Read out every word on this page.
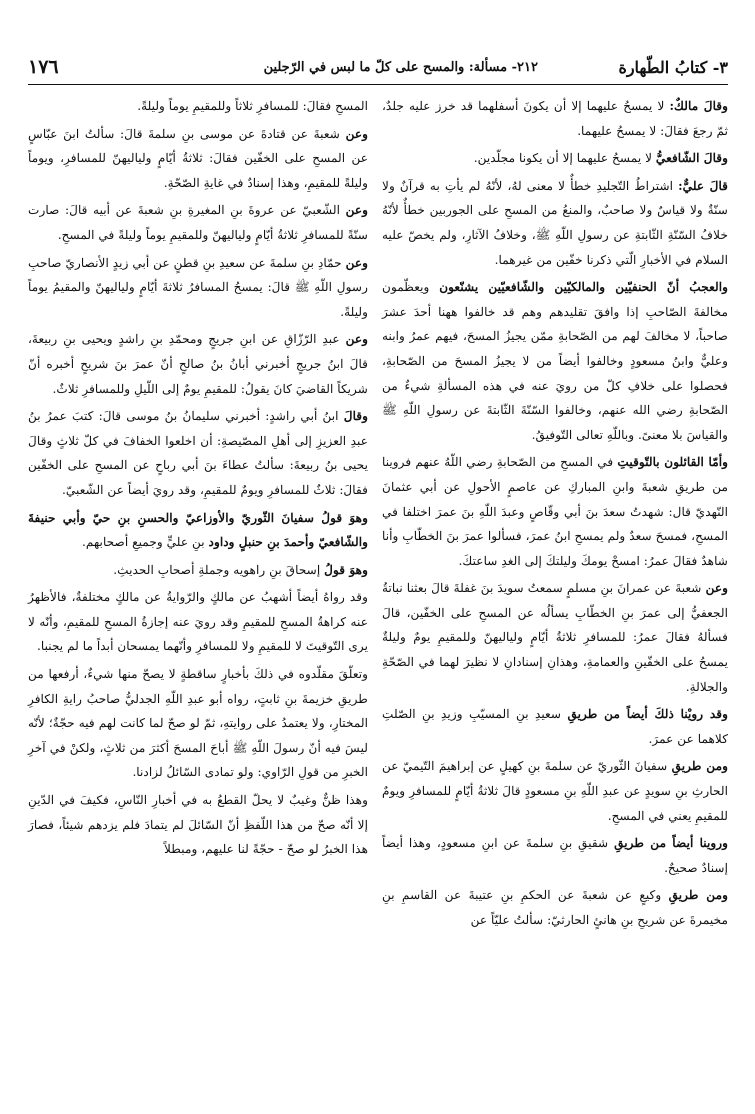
٣- كتابُ الطّهارة
٢١٢- مسألة: والمسح على كلّ ما لبس في الرّجلين
١٧٦

وقالَ مالكٌ: لا يمسحُ عليهما إلا أن يكونَ أسفلهما قد خرز عليه جلدٌ، ثمّ رجعَ فقالَ: لا يمسحُ عليهما.

وقالَ الشّافعيُّ لا يمسحُ عليهما إلا أن يكونا مجلّدين.

قالَ عليٌّ: اشتراطُ التّجليدِ خطأٌ لا معنى لهُ، لأنّهُ لم يأتِ به قرآنٌ ولا سنّةٌ ولا قياسٌ ولا صاحبٌ، والمنعُ من المسحِ على الجوربين خطأٌ لأنّهُ خلافُ السّنّةِ الثّابتةِ عن رسولِ اللّهِ ﷺ، وخلافُ الآثارِ، ولم يخصّ عليه السلام في الأخبارِ الّتي ذكرنا خفّين من غيرهما.

والعجبُ أنّ الحنفيّين والمالكيّين والشّافعيّين يشنّعون ويعظّمون مخالفةَ الصّاحبِ إذا وافقَ تقليدهم وهم قد خالفوا ههنا أحدَ عشرَ صاحباً، لا مخالفَ لهم من الصّحابةِ ممّن يجيزُ المسحَ، فيهم عمرُ وابنه وعليٌّ وابنُ مسعودٍ وخالفوا أيضاً من لا يجيزُ المسحَ من الصّحابةِ، فحصلوا على خلافِ كلّ من رويَ عنه في هذه المسألةِ شيءٌ من الصّحابةِ رضي الله عنهم، وخالفوا السّنّةَ الثّابتةَ عن رسولِ اللّهِ ﷺ والقياسَ بلا معنىً. وباللّهِ تعالى التّوفيقُ.

وأمّا القائلون بالتّوقيتِ في المسحِ من الصّحابةِ رضي اللّهُ عنهم فروينا من طريقِ شعبةَ وابنِ المباركِ عن عاصمٍ الأحولِ عن أبي عثمانَ النّهديّ قال: شهدتُ سعدَ بنَ أبي وقّاصٍ وعبدَ اللّهِ بنَ عمرَ اختلفا في المسحِ، فمسحَ سعدٌ ولم يمسحِ ابنُ عمرَ، فسألوا عمرَ بنَ الخطّابِ وأنا شاهدٌ فقالَ عمرُ: امسحْ يومكَ وليلتكَ إلى الغدِ ساعتكَ.

وعن شعبةَ عن عمرانَ بنِ مسلمٍ سمعتُ سويدَ بنَ غفلةَ قالَ بعثنا نباتةُ الجعفيُّ إلى عمرَ بنِ الخطّابِ يسألُه عن المسحِ على الخفّين، قالَ فسألهُ فقالَ عمرُ: للمسافرِ ثلاثةُ أيّامٍ ولياليهنّ وللمقيمِ يومٌ وليلةٌ يمسحُ على الخفّينِ والعمامةِ، وهذانِ إسنادانِ لا نظيرَ لهما في الصّحّةِ والجلالةِ.

وقد رويْنا ذلكَ أيضاً من طريقِ سعيدِ بنِ المسيّبِ وزيدِ بنِ الصّلتِ كلاهما عن عمرَ.

ومن طريقِ سفيانَ الثّوريّ عن سلمةَ بنِ كهيلٍ عن إبراهيمَ التّيميّ عن الحارثِ بنِ سويدٍ عن عبدِ اللّهِ بنِ مسعودٍ قالَ ثلاثةُ أيّامٍ للمسافرِ ويومٌ للمقيمِ يعني في المسحِ.

وروينا أيضاً من طريقِ شقيقِ بنِ سلمةَ عن ابنِ مسعودٍ، وهذا أيضاً إسنادٌ صحيحٌ.

ومن طريقِ وكيعٍ عن شعبةَ عن الحكمِ بنِ عتيبةَ عن القاسمِ بنِ مخيمرةَ عن شريحِ بنِ هانئٍ الحارثيّ: سألتُ عليّاً عن

المسحِ فقالَ: للمسافرِ ثلاثاً وللمقيمِ يوماً وليلةً.

وعن شعبةَ عن قتادةَ عن موسى بنِ سلمةَ قالَ: سألتُ ابنَ عبّاسٍ عن المسحِ على الخفّين فقالَ: ثلاثةُ أيّامٍ ولياليهنّ للمسافرِ، ويوماً وليلةً للمقيمِ، وهذا إسنادٌ في غايةِ الصّحّةِ.

وعن الشّعبيّ عن عروةَ بنِ المغيرةِ بنِ شعبةَ عن أبيه قالَ: صارت سنّةً للمسافرِ ثلاثةُ أيّامٍ ولياليهنّ وللمقيمِ يوماً وليلةً في المسحِ.

وعن حمّادِ بنِ سلمةَ عن سعيدِ بنِ قطنٍ عن أبي زيدٍ الأنصاريّ صاحبِ رسولِ اللّهِ ﷺ قالَ: يمسحُ المسافرُ ثلاثةَ أيّامٍ ولياليهنّ والمقيمُ يوماً وليلةً.

وعن عبدِ الرّزّاقِ عن ابنِ جريجٍ ومحمّدِ بنِ راشدٍ ويحيى بنِ ربيعةَ، قالَ ابنُ جريجٍ أخبرني أبانُ بنُ صالحٍ أنّ عمرَ بنَ شريحٍ أخبره أنّ شريكاً القاضيَ كانَ يقولُ: للمقيمِ يومٌ إلى اللّيلِ وللمسافرِ ثلاثٌ.

وقالَ ابنُ أبي راشدٍ: أخبرني سليمانُ بنُ موسى قالَ: كتبَ عمرُ بنُ عبدِ العزيزِ إلى أهلِ المصّيصةِ: أن اخلعوا الخفافَ في كلّ ثلاثٍ وقالَ يحيى بنُ ربيعةَ: سألتُ عطاءَ بنَ أبي رباحٍ عن المسحِ على الخفّين فقالَ: ثلاثٌ للمسافرِ ويومٌ للمقيمِ، وقد رويَ أيضاً عن الشّعبيّ.

وهوَ قولُ سفيانَ الثّوريّ والأوزاعيّ والحسنِ بنِ حيّ وأبي حنيفةَ والشّافعيّ وأحمدَ بنِ حنبلٍ وداود بنِ عليٍّ وجميعِ أصحابهم.

وهوَ قولُ إسحاقَ بنِ راهويه وجملةِ أصحابِ الحديثِ.

وقد رواهُ أيضاً أشهبُ عن مالكٍ والرّوايةُ عن مالكٍ مختلفةٌ، فالأظهرُ عنه كراهةُ المسحِ للمقيمِ وقد رويَ عنه إجازةُ المسحِ للمقيمِ، وأنّه لا يرى التّوقيتَ لا للمقيمِ ولا للمسافرِ وأنّهما يمسحان أبداً ما لم يجنبا.

وتعلّقَ مقلّدوه في ذلكَ بأخبارٍ ساقطةٍ لا يصحّ منها شيءٌ، أرفعها من طريقِ خزيمةَ بنِ ثابتٍ، رواه أبو عبدِ اللّهِ الجدليُّ صاحبُ رايةِ الكافرِ المختارِ، ولا يعتمدُ على روايتهِ، ثمّ لو صحّ لما كانت لهم فيه حجّةٌ؛ لأنّه ليسَ فيه أنّ رسولَ اللّهِ ﷺ أباحَ المسحَ أكثرَ من ثلاثٍ، ولكنْ في آخرِ الخبرِ من قولِ الرّاوي: ولو تمادى السّائلُ لزادنا.

وهذا ظنٌّ وغيبٌ لا يحلّ القطعُ به في أخبارِ النّاسِ، فكيفَ في الدّينِ إلا أنّه صحّ من هذا اللّفظِ أنّ السّائلَ لم يتمادَ فلم يزدهم شيئاً، فصارَ هذا الخبرُ لو صحّ - حجّةً لنا عليهم، ومبطلاً
